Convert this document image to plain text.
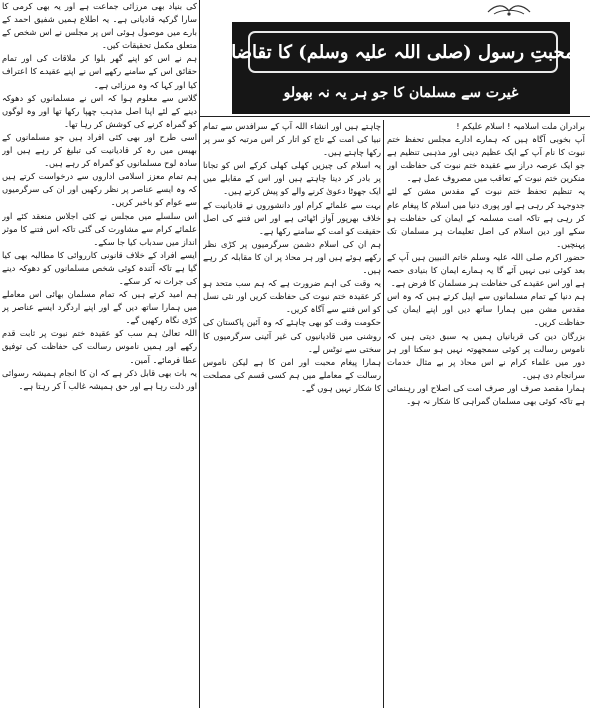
محبتِ رسول (صلی اللہ علیہ وسلم) کا تقاضا
غیرت سے مسلمان کا جو ہر یہ نہ بھولو

برادران ملت اسلامیہ ! اسلام علیکم !

آپ بخوبی آگاہ ہیں کہ ہمارے ادارے مجلس تحفظ ختم نبوت کا نام آپ کے ایک عظیم دینی اور مذہبی تنظیم ہے جو ایک عرصہ دراز سے عقیدہ ختم نبوت کی حفاظت اور منکرین ختم نبوت کے تعاقب میں مصروف عمل ہے۔

یہ تنظیم تحفظ ختم نبوت کے مقدس مشن کے لئے جدوجہد کر رہی ہے اور پوری دنیا میں اسلام کا پیغام عام کر رہی ہے تاکہ امت مسلمہ کے ایمان کی حفاظت ہو سکے اور دین اسلام کی اصل تعلیمات ہر مسلمان تک پہنچیں۔

حضور اکرم صلی اللہ علیہ وسلم خاتم النبیین ہیں آپ کے بعد کوئی نبی نہیں آئے گا یہ ہمارے ایمان کا بنیادی حصہ ہے اور اس عقیدے کی حفاظت ہر مسلمان کا فرض ہے۔

ہم دنیا کے تمام مسلمانوں سے اپیل کرتے ہیں کہ وہ اس مقدس مشن میں ہمارا ساتھ دیں اور اپنے ایمان کی حفاظت کریں۔

بزرگان دین کی قربانیاں ہمیں یہ سبق دیتی ہیں کہ ناموس رسالت پر کوئی سمجھوتہ نہیں ہو سکتا اور ہر دور میں علماء کرام نے اس محاذ پر بے مثال خدمات سرانجام دی ہیں۔

ہمارا مقصد صرف اور صرف امت کی اصلاح اور رہنمائی ہے تاکہ کوئی بھی مسلمان گمراہی کا شکار نہ ہو۔

چاہتے ہیں اور انشاء اللہ آپ کے سرافدس سے تمام نبیا کی امت کے تاج کو اتار کر اس مرتبہ کو سر پر رکھا چاہتے ہیں۔

یہ اسلام کی چیزیں کھلی کھلی کرکے اس کو تجانا پر بادر کر دینا چاہتے ہیں اور اس کے مقابلے میں ایک جھوٹا دعویٰ کرنے والے کو پیش کرتے ہیں۔

بہت سے علمائے کرام اور دانشوروں نے قادیانیت کے خلاف بھرپور آواز اٹھائی ہے اور اس فتنے کی اصل حقیقت کو امت کے سامنے رکھا ہے۔

ہم ان کی اسلام دشمن سرگرمیوں پر کڑی نظر رکھے ہوئے ہیں اور ہر محاذ پر ان کا مقابلہ کر رہے ہیں۔

یہ وقت کی اہم ضرورت ہے کہ ہم سب متحد ہو کر عقیدہ ختم نبوت کی حفاظت کریں اور نئی نسل کو اس فتنے سے آگاہ کریں۔

حکومت وقت کو بھی چاہئے کہ وہ آئین پاکستان کی روشنی میں قادیانیوں کی غیر آئینی سرگرمیوں کا سختی سے نوٹس لے۔

ہمارا پیغام محبت اور امن کا ہے لیکن ناموس رسالت کے معاملے میں ہم کسی قسم کی مصلحت کا شکار نہیں ہوں گے۔

کی بنیاد بھی مرزائی جماعت ہے اور یہ بھی کرمی کا سارا گرکیہ قادیانی ہے۔ یہ اطلاع ہمیں شفیق احمد کے بارے میں موصول ہوئی اس پر مجلس نے اس شخص کے متعلق مکمل تحقیقات کیں۔

ہم نے اس کو اپنے گھر بلوا کر ملاقات کی اور تمام حقائق اس کے سامنے رکھے اس نے اپنے عقیدے کا اعتراف کیا اور کہا کہ وہ مرزائی ہے۔

گلاس سے معلوم ہوا کہ اس نے مسلمانوں کو دھوکہ دینے کے لئے اپنا اصل مذہب چھپا رکھا تھا اور وہ لوگوں کو گمراہ کرنے کی کوشش کر رہا تھا۔

اسی طرح اور بھی کئی افراد ہیں جو مسلمانوں کے بھیس میں رہ کر قادیانیت کی تبلیغ کر رہے ہیں اور سادہ لوح مسلمانوں کو گمراہ کر رہے ہیں۔

ہم تمام معزز اسلامی اداروں سے درخواست کرتے ہیں کہ وہ ایسے عناصر پر نظر رکھیں اور ان کی سرگرمیوں سے عوام کو باخبر کریں۔

اس سلسلے میں مجلس نے کئی اجلاس منعقد کئے اور علمائے کرام سے مشاورت کی گئی تاکہ اس فتنے کا موثر انداز میں سدباب کیا جا سکے۔

ایسے افراد کے خلاف قانونی کارروائی کا مطالبہ بھی کیا گیا ہے تاکہ آئندہ کوئی شخص مسلمانوں کو دھوکہ دینے کی جرات نہ کر سکے۔

ہم امید کرتے ہیں کہ تمام مسلمان بھائی اس معاملے میں ہمارا ساتھ دیں گے اور اپنے اردگرد ایسے عناصر پر کڑی نگاہ رکھیں گے۔

اللہ تعالیٰ ہم سب کو عقیدہ ختم نبوت پر ثابت قدم رکھے اور ہمیں ناموس رسالت کی حفاظت کی توفیق عطا فرمائے۔ آمین۔

یہ بات بھی قابل ذکر ہے کہ ان کا انجام ہمیشہ رسوائی اور ذلت رہا ہے اور حق ہمیشہ غالب آ کر رہتا ہے۔
